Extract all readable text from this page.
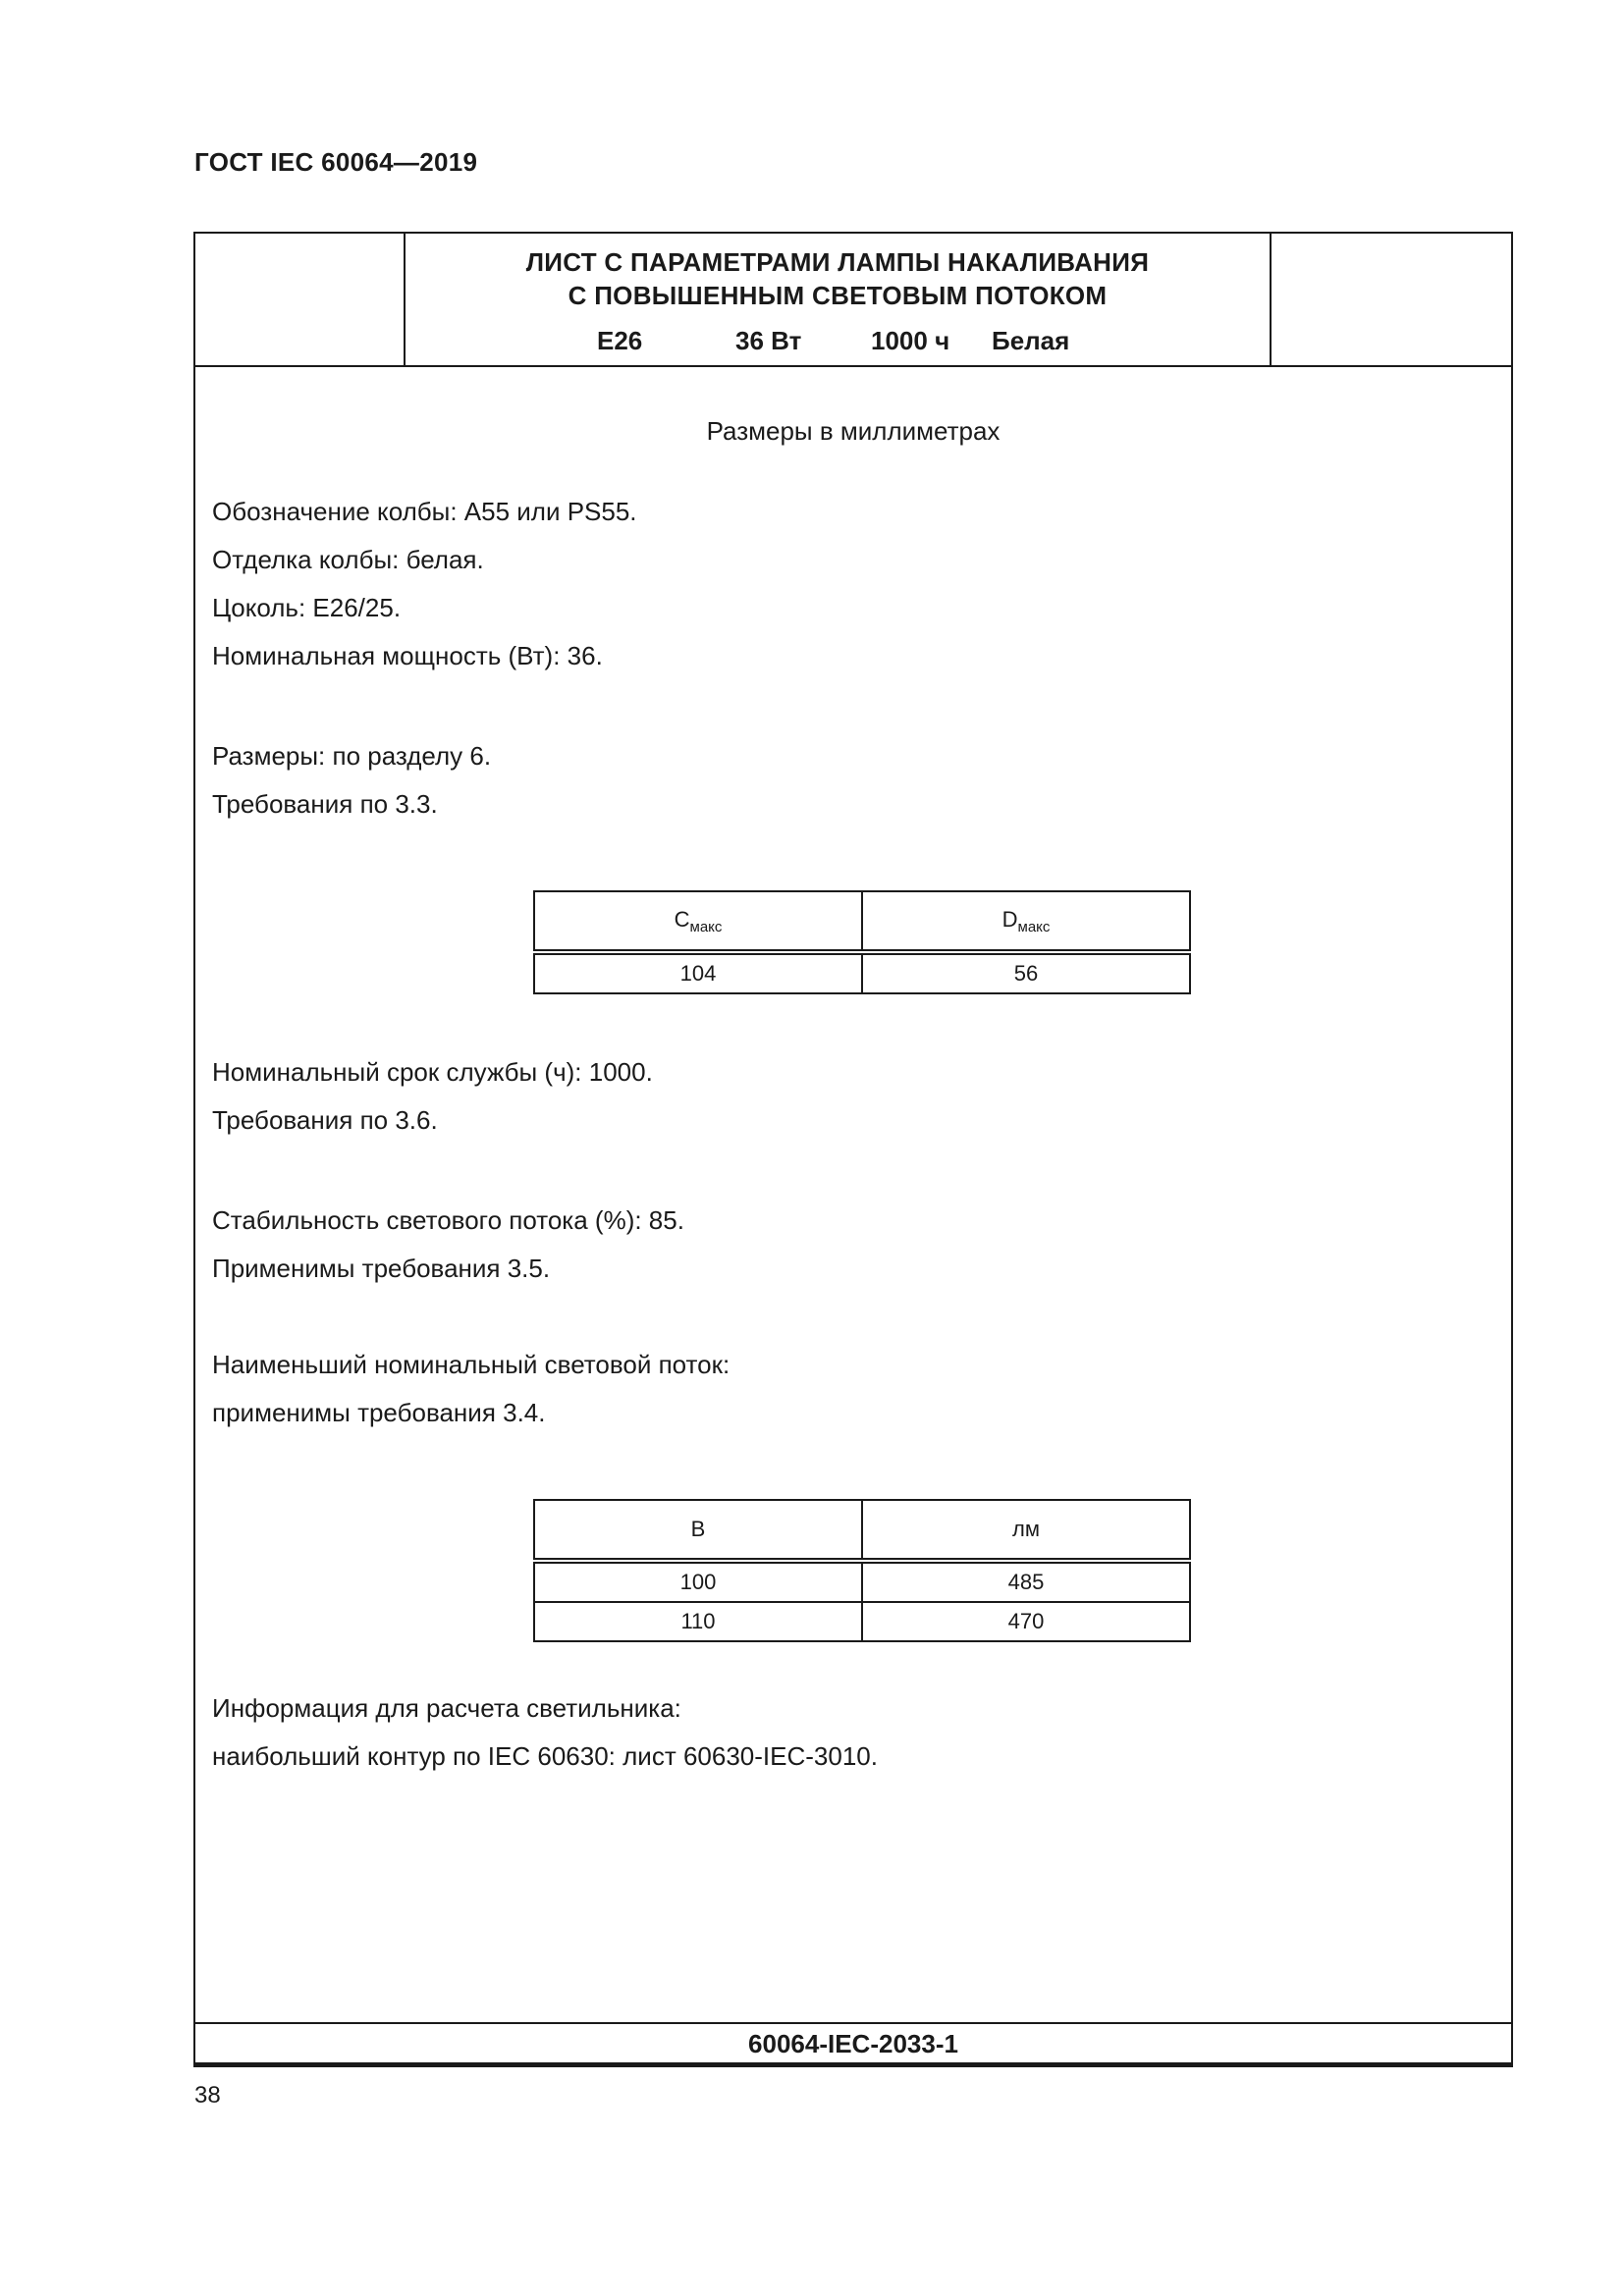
ГОСТ IEC 60064—2019
ЛИСТ С ПАРАМЕТРАМИ ЛАМПЫ НАКАЛИВАНИЯ
С ПОВЫШЕННЫМ СВЕТОВЫМ ПОТОКОМ
E26	36 Вт	1000 ч Белая
Размеры в миллиметрах
Обозначение колбы: A55 или PS55.
Отделка колбы: белая.
Цоколь: E26/25.
Номинальная мощность (Вт): 36.
Размеры: по разделу 6.
Требования по 3.3.
$C_{макс}$	$D_{макс}$
104	56
Номинальный срок службы (ч): 1000.
Требования по 3.6.
Стабильность светового потока (%): 85.
Применимы требования 3.5.
Наименьший номинальный световой поток:
применимы требования 3.4.
В	лм
100	485
110	470
Информация для расчета светильника:
наибольший контур по IEC 60630: лист 60630-IEC-3010.
60064-IEC-2033-1
38
